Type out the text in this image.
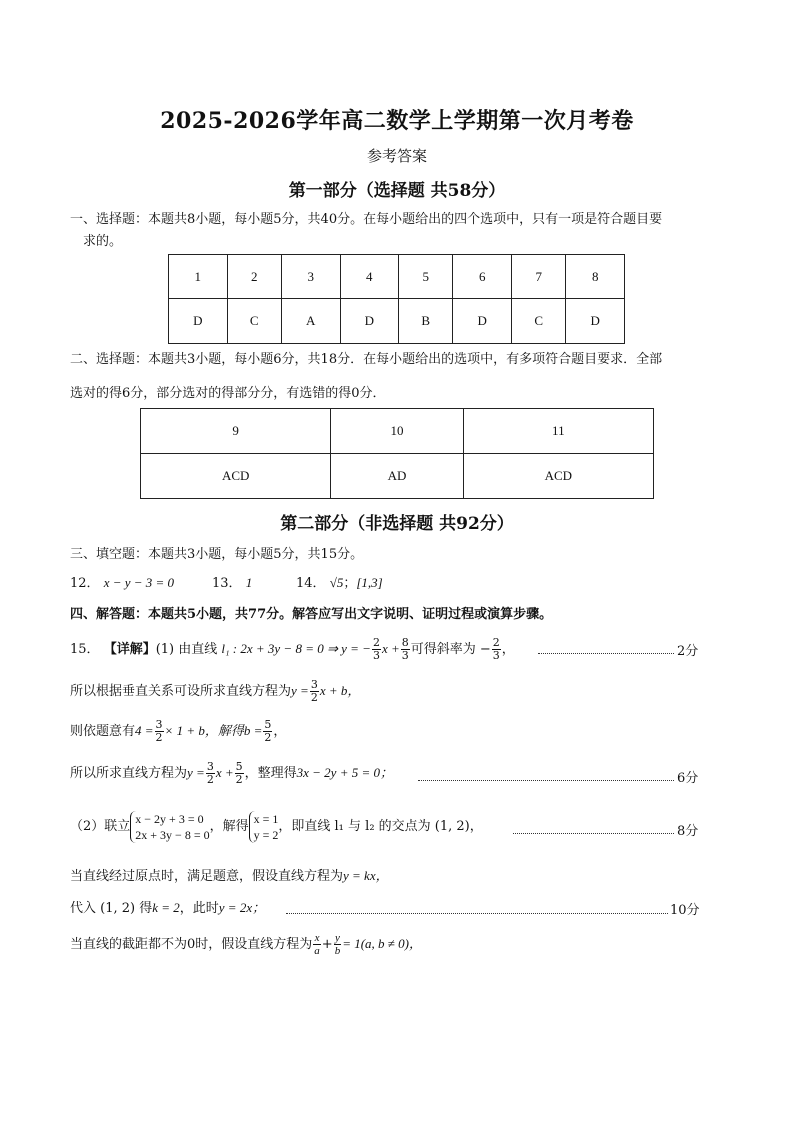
2025-2026学年高二数学上学期第一次月考卷
参考答案
第一部分（选择题 共58分）
一、选择题：本题共8小题，每小题5分，共40分。在每小题给出的四个选项中，只有一项是符合题目要
求的。
1	2	3	4	5	6	7	8
D	C	A	D	B	D	C	D
二、选择题：本题共3小题，每小题6分，共18分．在每小题给出的选项中，有多项符合题目要求．全部
选对的得6分，部分选对的得部分分，有选错的得0分．
9	10	11
ACD	AD	ACD
第二部分（非选择题 共92分）
三、填空题：本题共3小题，每小题5分，共15分。
12． x − y − 3 = 0	13． 1	14． √5；[1,3]
四、解答题：本题共5小题，共77分。解答应写出文字说明、证明过程或演算步骤。
15． 【详解】(1) 由直线 l₁ : 2x + 3y − 8 = 0 ⇒ y = − $\frac{2}{3}$ $x + \frac{8}{3}$ 可得斜率为 − $\frac{2}{3}$ ，	2分
所以根据垂直关系可设所求直线方程为$y = \frac{3}{2}$ x + b，
则依题意有$4 = \frac{3}{2} \times 1 + b$，解得$b = \frac{5}{2}$ ，
所以所求直线方程为$y = \frac{3}{2}$ $x + \frac{5}{2}$ ，整理得3x − 2y + 5 = 0；	6分
（2）联立
x − 2y + 3 = 0
2x + 3y − 8 = 0
，解得
x = 1
y = 2
，即直线 l₁ 与 l₂ 的交点为 (1, 2)，	8分
当直线经过原点时，满足题意，假设直线方程为y = kx，
代入 (1, 2) 得k = 2，此时y = 2x；	10分
当直线的截距都不为0时，假设直线方程为 $\frac{x}{a} + \frac{y}{b} = 1(a$, b ≠ 0)，
